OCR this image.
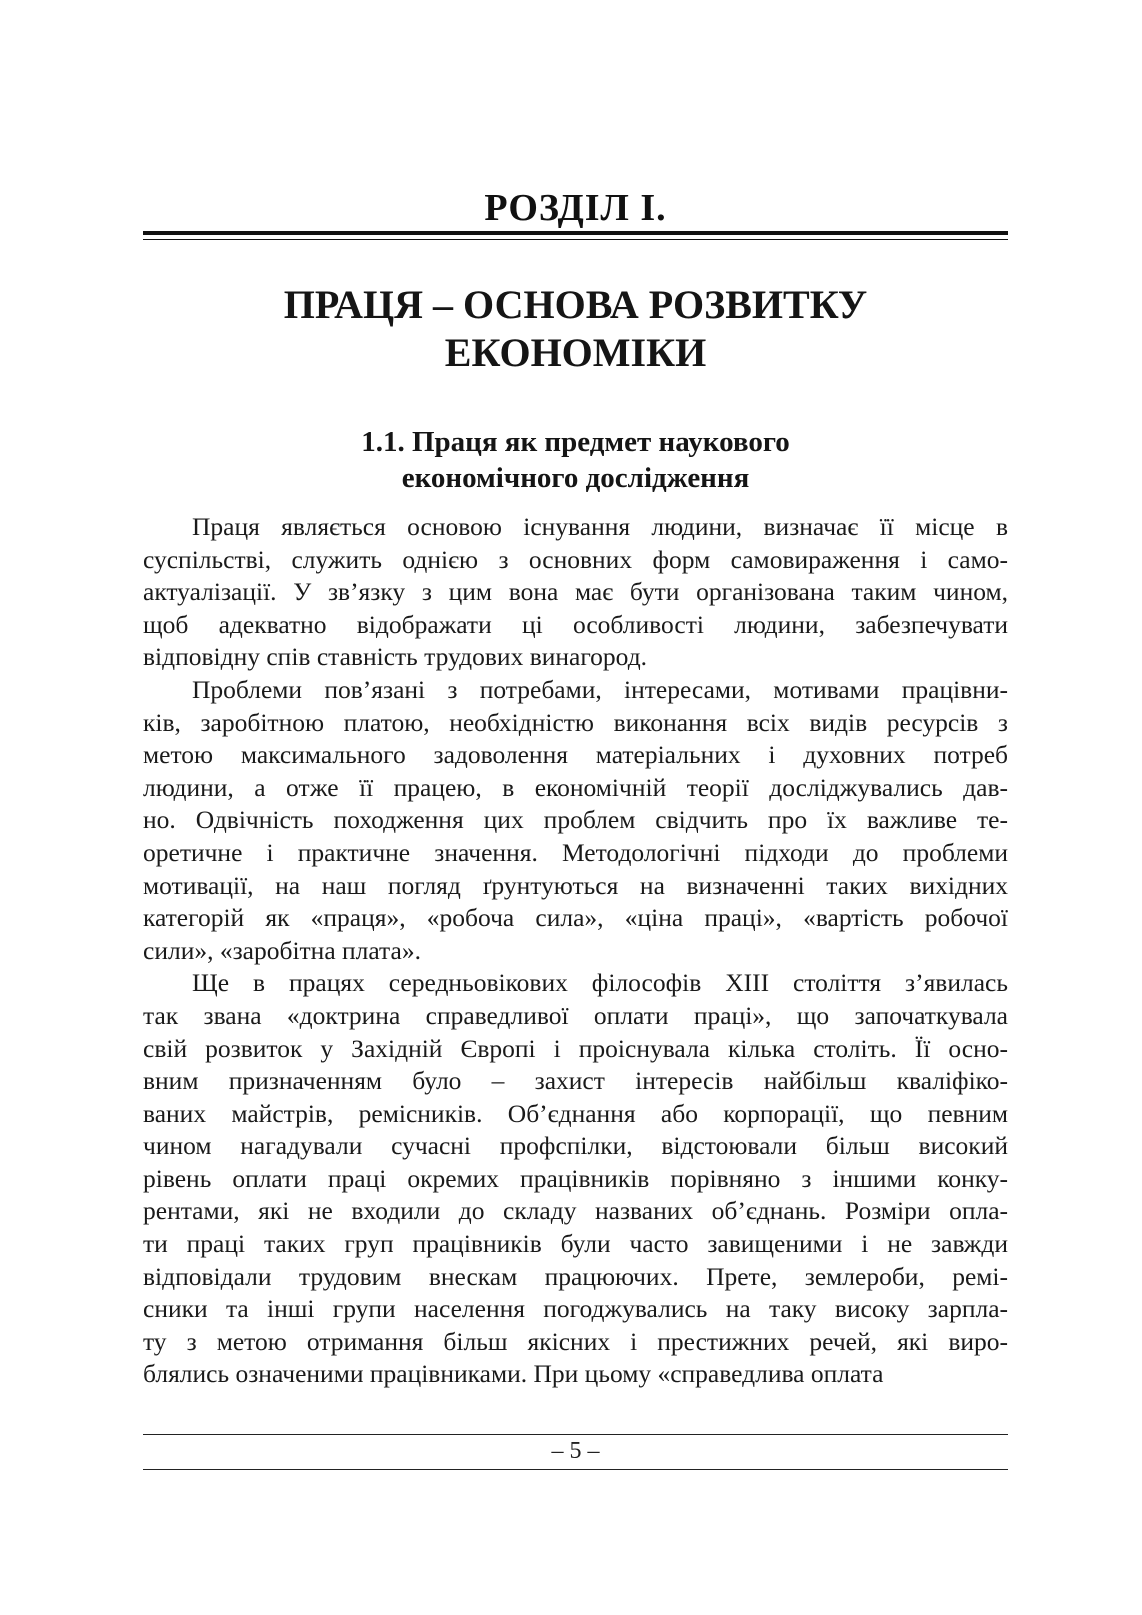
РОЗДІЛ І.
ПРАЦЯ – ОСНОВА РОЗВИТКУ
ЕКОНОМІКИ
1.1. Праця як предмет наукового
економічного дослідження
Праця являється основою існування людини, визначає її місце в
суспільстві, служить однією з основних форм самовираження і само-
актуалізації. У зв’язку з цим вона має бути організована таким чином,
щоб адекватно відображати ці особливості людини, забезпечувати
відповідну спів ставність трудових винагород.
Проблеми пов’язані з потребами, інтересами, мотивами працівни-
ків, заробітною платою, необхідністю виконання всіх видів ресурсів з
метою максимального задоволення матеріальних і духовних потреб
людини, а отже її працею, в економічній теорії досліджувались дав-
но. Одвічність походження цих проблем свідчить про їх важливе те-
оретичне і практичне значення. Методологічні підходи до проблеми
мотивації, на наш погляд ґрунтуються на визначенні таких вихідних
категорій як «праця», «робоча сила», «ціна праці», «вартість робочої
сили», «заробітна плата».
Ще в працях середньовікових філософів XIII століття з’явилась
так звана «доктрина справедливої оплати праці», що започаткувала
свій розвиток у Західній Європі і проіснувала кілька століть. Її осно-
вним призначенням було – захист інтересів найбільш кваліфіко-
ваних майстрів, ремісників. Об’єднання або корпорації, що певним
чином нагадували сучасні профспілки, відстоювали більш високий
рівень оплати праці окремих працівників порівняно з іншими конку-
рентами, які не входили до складу названих об’єднань. Розміри опла-
ти праці таких груп працівників були часто завищеними і не завжди
відповідали трудовим внескам працюючих. Прете, землероби, ремі-
сники та інші групи населення погоджувались на таку високу зарпла-
ту з метою отримання більш якісних і престижних речей, які виро-
блялись означеними працівниками. При цьому «справедлива оплата
– 5 –
